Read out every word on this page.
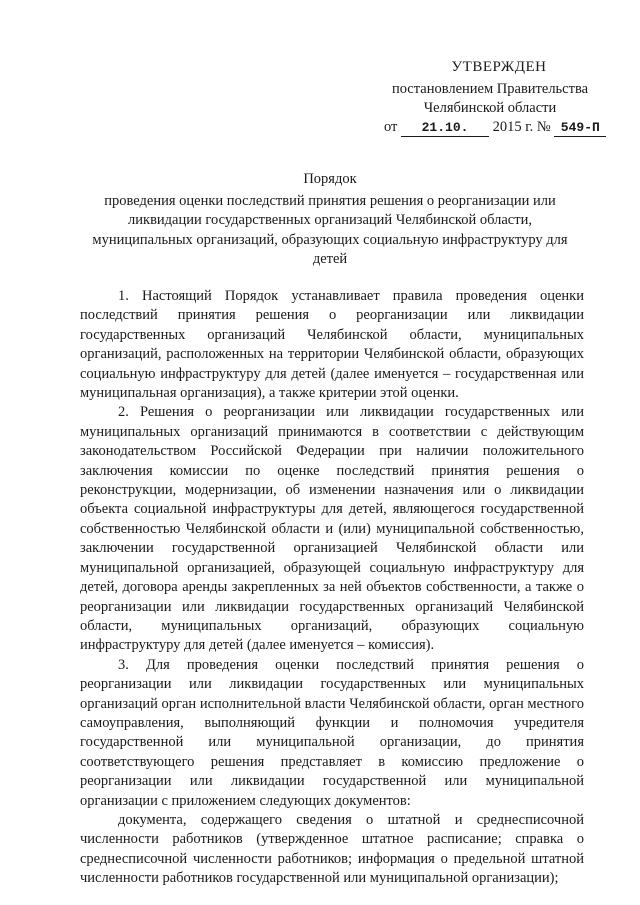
УТВЕРЖДЕН
постановлением Правительства
Челябинской области
от 21.10. 2015 г. № 549-П
Порядок
проведения оценки последствий принятия решения о реорганизации или ликвидации государственных организаций Челябинской области, муниципальных организаций, образующих социальную инфраструктуру для детей

1. Настоящий Порядок устанавливает правила проведения оценки последствий принятия решения о реорганизации или ликвидации государственных организаций Челябинской области, муниципальных организаций, расположенных на территории Челябинской области, образующих социальную инфраструктуру для детей (далее именуется – государственная или муниципальная организация), а также критерии этой оценки.

2. Решения о реорганизации или ликвидации государственных или муниципальных организаций принимаются в соответствии с действующим законодательством Российской Федерации при наличии положительного заключения комиссии по оценке последствий принятия решения о реконструкции, модернизации, об изменении назначения или о ликвидации объекта социальной инфраструктуры для детей, являющегося государственной собственностью Челябинской области и (или) муниципальной собственностью, заключении государственной организацией Челябинской области или муниципальной организацией, образующей социальную инфраструктуру для детей, договора аренды закрепленных за ней объектов собственности, а также о реорганизации или ликвидации государственных организаций Челябинской области, муниципальных организаций, образующих социальную инфраструктуру для детей (далее именуется – комиссия).

3. Для проведения оценки последствий принятия решения о реорганизации или ликвидации государственных или муниципальных организаций орган исполнительной власти Челябинской области, орган местного самоуправления, выполняющий функции и полномочия учредителя государственной или муниципальной организации, до принятия соответствующего решения представляет в комиссию предложение о реорганизации или ликвидации государственной или муниципальной организации с приложением следующих документов:

документа, содержащего сведения о штатной и среднесписочной численности работников (утвержденное штатное расписание; справка о среднесписочной численности работников; информация о предельной штатной численности работников государственной или муниципальной организации);
